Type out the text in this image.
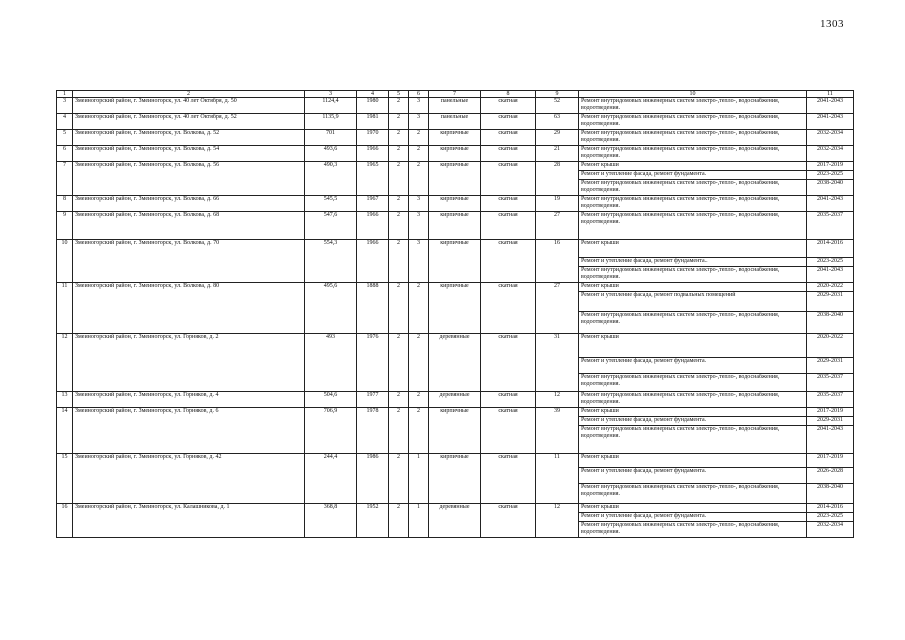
1303
1	2	3	4	5	6	7	8	9	10	11
3	Змеиногорский район, г. Змеиногорск, ул. 40 лет Октября, д. 50	1124,4	1980	2	3	панельные	скатная	52	Ремонт внутридомовых инженерных систем электро-,тепло-, водоснабжения, водоотведения.	2041-2043
4	Змеиногорский район, г. Змеиногорск, ул. 40 лет Октября, д. 52	1135,9	1981	2	3	панельные	скатная	63	Ремонт внутридомовых инженерных систем электро-,тепло-, водоснабжения, водоотведения.	2041-2043
5	Змеиногорский район, г. Змеиногорск, ул. Волкова, д. 52	701	1970	2	2	кирпичные	скатная	29	Ремонт внутридомовых инженерных систем электро-,тепло-, водоснабжения, водоотведения.	2032-2034
6	Змеиногорский район, г. Змеиногорск, ул. Волкова, д. 54	493,6	1966	2	2	кирпичные	скатная	21	Ремонт внутридомовых инженерных систем электро-,тепло-, водоснабжения, водоотведения.	2032-2034
7	Змеиногорский район, г. Змеиногорск, ул. Волкова, д. 56	490,3	1965	2	2	кирпичные	скатная	28	Ремонт крыши	2017-2019
									Ремонт и утепление фасада, ремонт фундамента.	2023-2025
									Ремонт внутридомовых инженерных систем электро-,тепло-, водоснабжения, водоотведения.	2038-2040
8	Змеиногорский район, г. Змеиногорск, ул. Волкова, д. 66	545,5	1967	2	3	кирпичные	скатная	19	Ремонт внутридомовых инженерных систем электро-,тепло-, водоснабжения, водоотведения.	2041-2043
9	Змеиногорский район, г. Змеиногорск, ул. Волкова, д. 68	547,6	1966	2	3	кирпичные	скатная	27	Ремонт внутридомовых инженерных систем электро-,тепло-, водоснабжения, водоотведения.	2035-2037
10	Змеиногорский район, г. Змеиногорск, ул. Волкова, д. 70	554,3	1966	2	3	кирпичные	скатная	16	Ремонт крыши	2014-2016
									Ремонт и утепление фасада, ремонт фундамента..	2023-2025
									Ремонт внутридомовых инженерных систем электро-,тепло-, водоснабжения, водоотведения.	2041-2043
11	Змеиногорский район, г. Змеиногорск, ул. Волкова, д. 80	495,6	1888	2	2	кирпичные	скатная	27	Ремонт крыши	2020-2022
									Ремонт и утепление фасада, ремонт подвальных помещений	2029-2031
									Ремонт внутридомовых инженерных систем электро-,тепло-, водоснабжения, водоотведения.	2038-2040
12	Змеиногорский район, г. Змеиногорск, ул. Горняков, д. 2	493	1976	2	2	деревянные	скатная	31	Ремонт крыши	2020-2022
									Ремонт и утепление фасада, ремонт фундамента.	2029-2031
									Ремонт внутридомовых инженерных систем электро-,тепло-, водоснабжения, водоотведения.	2035-2037
13	Змеиногорский район, г. Змеиногорск, ул. Горняков, д. 4	504,6	1977	2	2	деревянные	скатная	12	Ремонт внутридомовых инженерных систем электро-,тепло-, водоснабжения, водоотведения.	2035-2037
14	Змеиногорский район, г. Змеиногорск, ул. Горняков, д. 6	706,9	1978	2	2	кирпичные	скатная	39	Ремонт крыши	2017-2019
									Ремонт и утепление фасада, ремонт фундамента.	2029-2031
									Ремонт внутридомовых инженерных систем электро-,тепло-, водоснабжения, водоотведения.	2041-2043
15	Змеиногорский район, г. Змеиногорск, ул. Горняков, д. 42	244,4	1986	2	1	кирпичные	скатная	11	Ремонт крыши	2017-2019
									Ремонт и утепление фасада, ремонт фундамента.	2026-2028
									Ремонт внутридомовых инженерных систем электро-,тепло-, водоснабжения, водоотведения.	2038-2040
16	Змеиногорский район, г. Змеиногорск, ул. Калашникова, д. 1	368,8	1952	2	1	деревянные	скатная	12	Ремонт крыши	2014-2016
									Ремонт и утепление фасада, ремонт фундамента.	2023-2025
									Ремонт внутридомовых инженерных систем электро-,тепло-, водоснабжения, водоотведения.	2032-2034
